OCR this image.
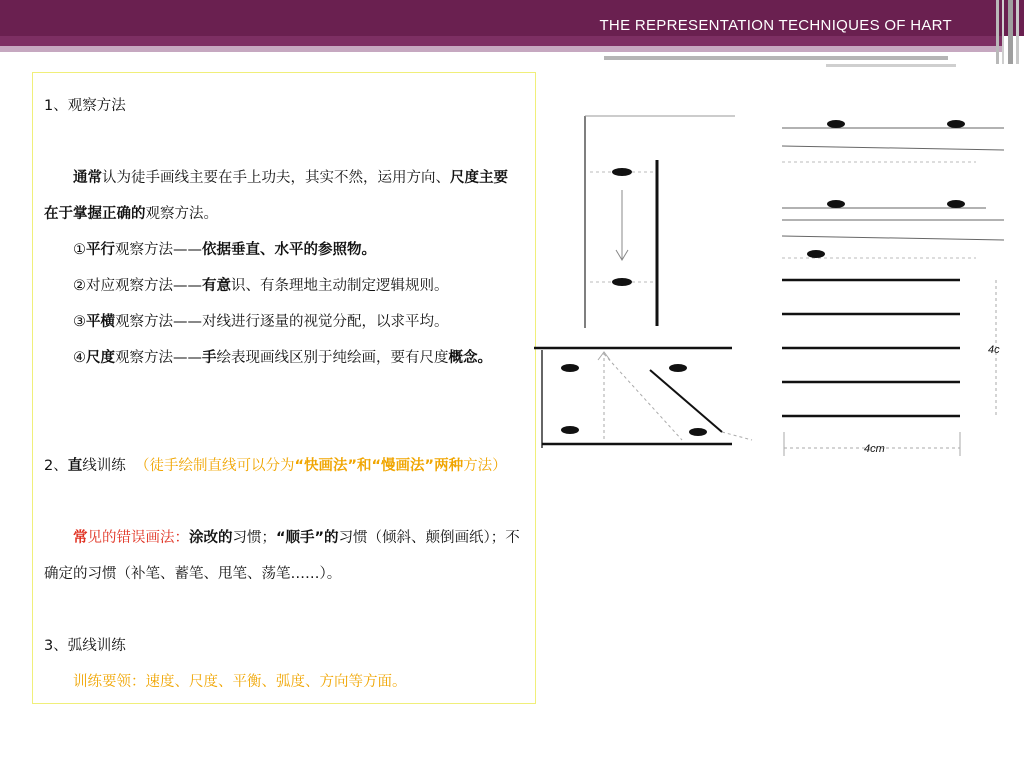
THE REPRESENTATION TECHNIQUES OF HART
1、观察方法
通常认为徒手画线主要在手上功夫，其实不然，运用方向、尺度主要在于掌握正确的观察方法。
①平行观察方法——依据垂直、水平的参照物。
②对应观察方法——有意识、有条理地主动制定逻辑规则。
③平横观察方法——对线进行逐量的视觉分配，以求平均。
④尺度观察方法——手绘表现画线区别于纯绘画，要有尺度概念。
2、直线训练 （徒手绘制直线可以分为“快画法”和“慢画法”两种方法）
常见的错误画法：涂改的习惯；“顺手”的习惯（倾斜、颠倒画纸）；不确定的习惯（补笔、蓄笔、甩笔、荡笔……）。
3、弧线训练
训练要领：速度、尺度、平衡、弧度、方向等方面。
4cm
4c
